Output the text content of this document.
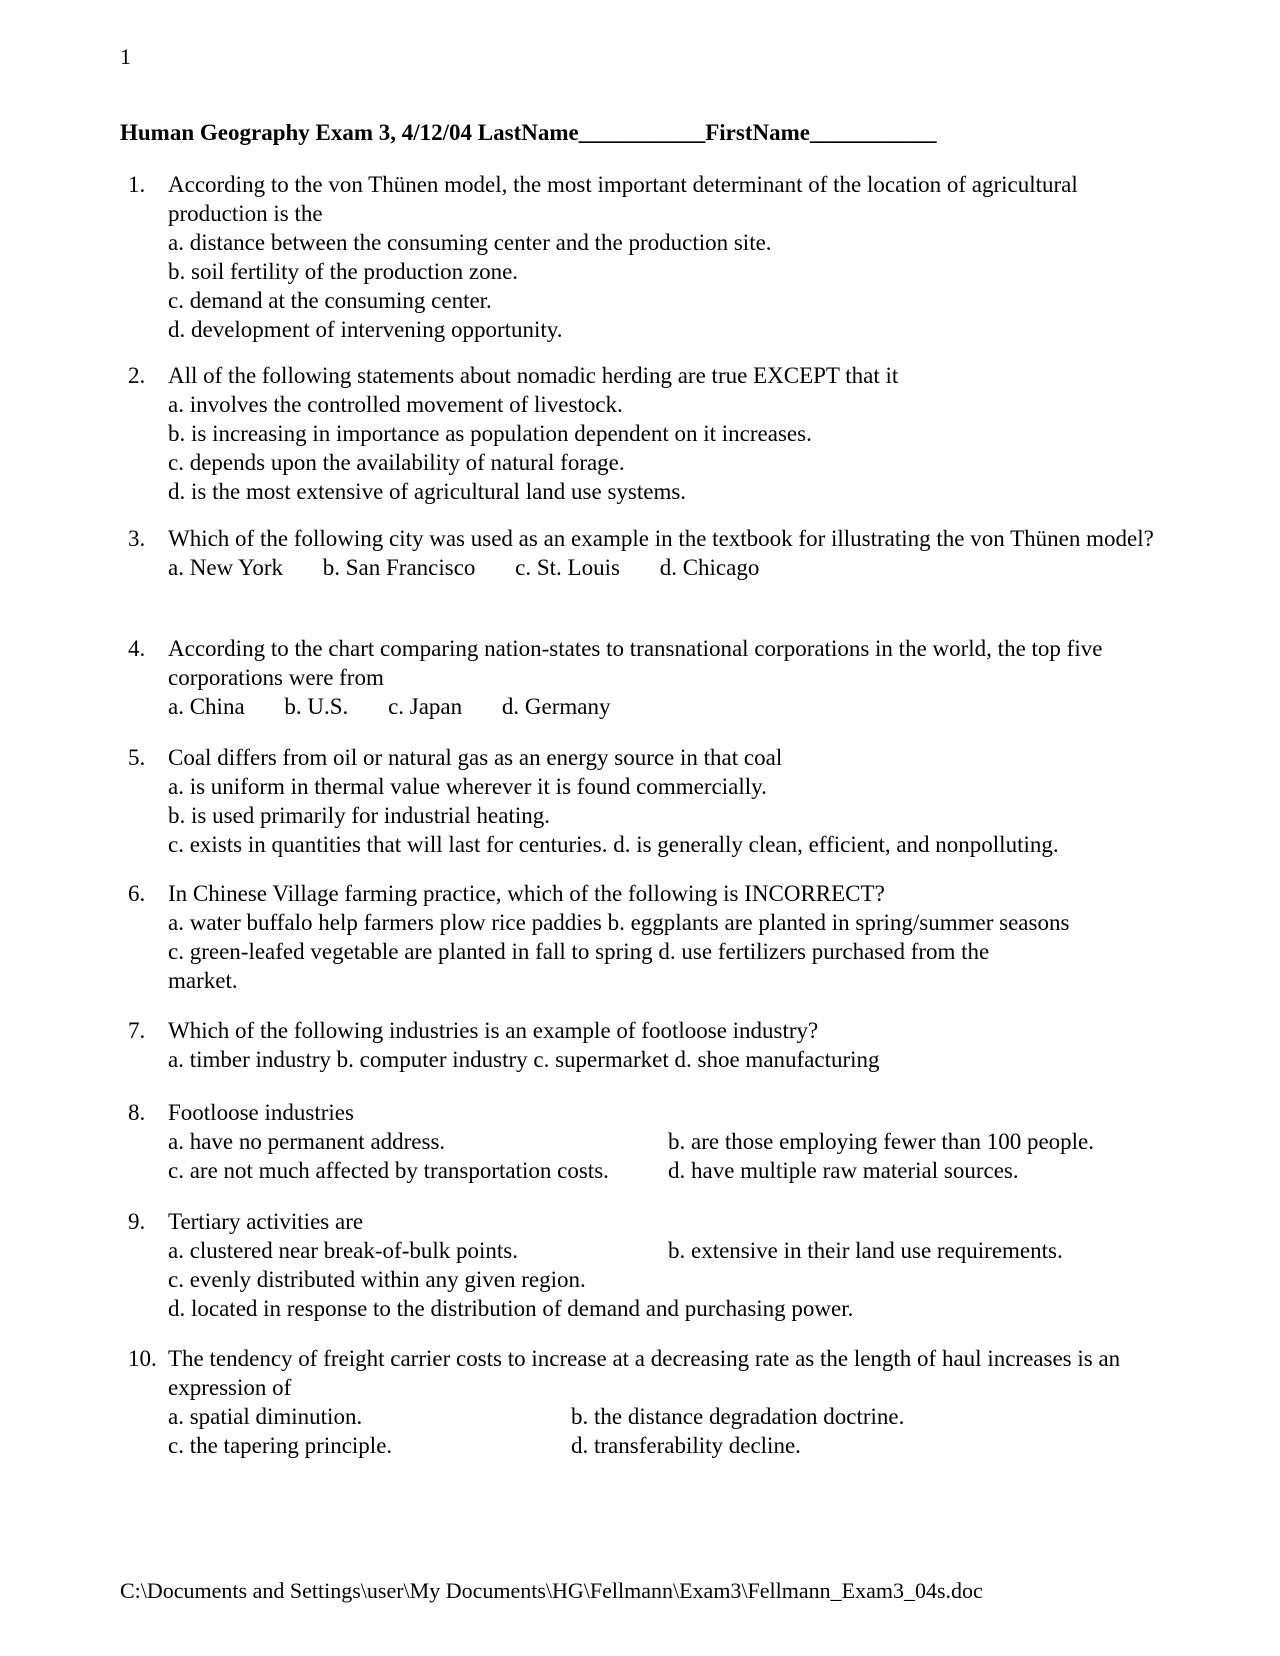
1
Human Geography Exam 3, 4/12/04 LastName___________FirstName___________
1. According to the von Thünen model, the most important determinant of the location of agricultural production is the
a. distance between the consuming center and the production site.
b. soil fertility of the production zone.
c. demand at the consuming center.
d. development of intervening opportunity.
2. All of the following statements about nomadic herding are true EXCEPT that it
a. involves the controlled movement of livestock.
b. is increasing in importance as population dependent on it increases.
c. depends upon the availability of natural forage.
d. is the most extensive of agricultural land use systems.
3. Which of the following city was used as an example in the textbook for illustrating the von Thünen model?
a. New York b. San Francisco c. St. Louis d. Chicago
4. According to the chart comparing nation-states to transnational corporations in the world, the top five corporations were from
a. China b. U.S. c. Japan d. Germany
5. Coal differs from oil or natural gas as an energy source in that coal
a. is uniform in thermal value wherever it is found commercially.
b. is used primarily for industrial heating.
c. exists in quantities that will last for centuries. d. is generally clean, efficient, and nonpolluting.
6. In Chinese Village farming practice, which of the following is INCORRECT?
a. water buffalo help farmers plow rice paddies b. eggplants are planted in spring/summer seasons
c. green-leafed vegetable are planted in fall to spring d. use fertilizers purchased from the
market.
7. Which of the following industries is an example of footloose industry?
a. timber industry b. computer industry c. supermarket d. shoe manufacturing
8. Footloose industries
a. have no permanent address.	b. are those employing fewer than 100 people.
c. are not much affected by transportation costs.	d. have multiple raw material sources.
9. Tertiary activities are
a. clustered near break-of-bulk points.	b. extensive in their land use requirements.
c. evenly distributed within any given region.
d. located in response to the distribution of demand and purchasing power.
10. The tendency of freight carrier costs to increase at a decreasing rate as the length of haul increases is an expression of
a. spatial diminution.	b. the distance degradation doctrine.
c. the tapering principle.	d. transferability decline.
C:\Documents and Settings\user\My Documents\HG\Fellmann\Exam3\Fellmann_Exam3_04s.doc
